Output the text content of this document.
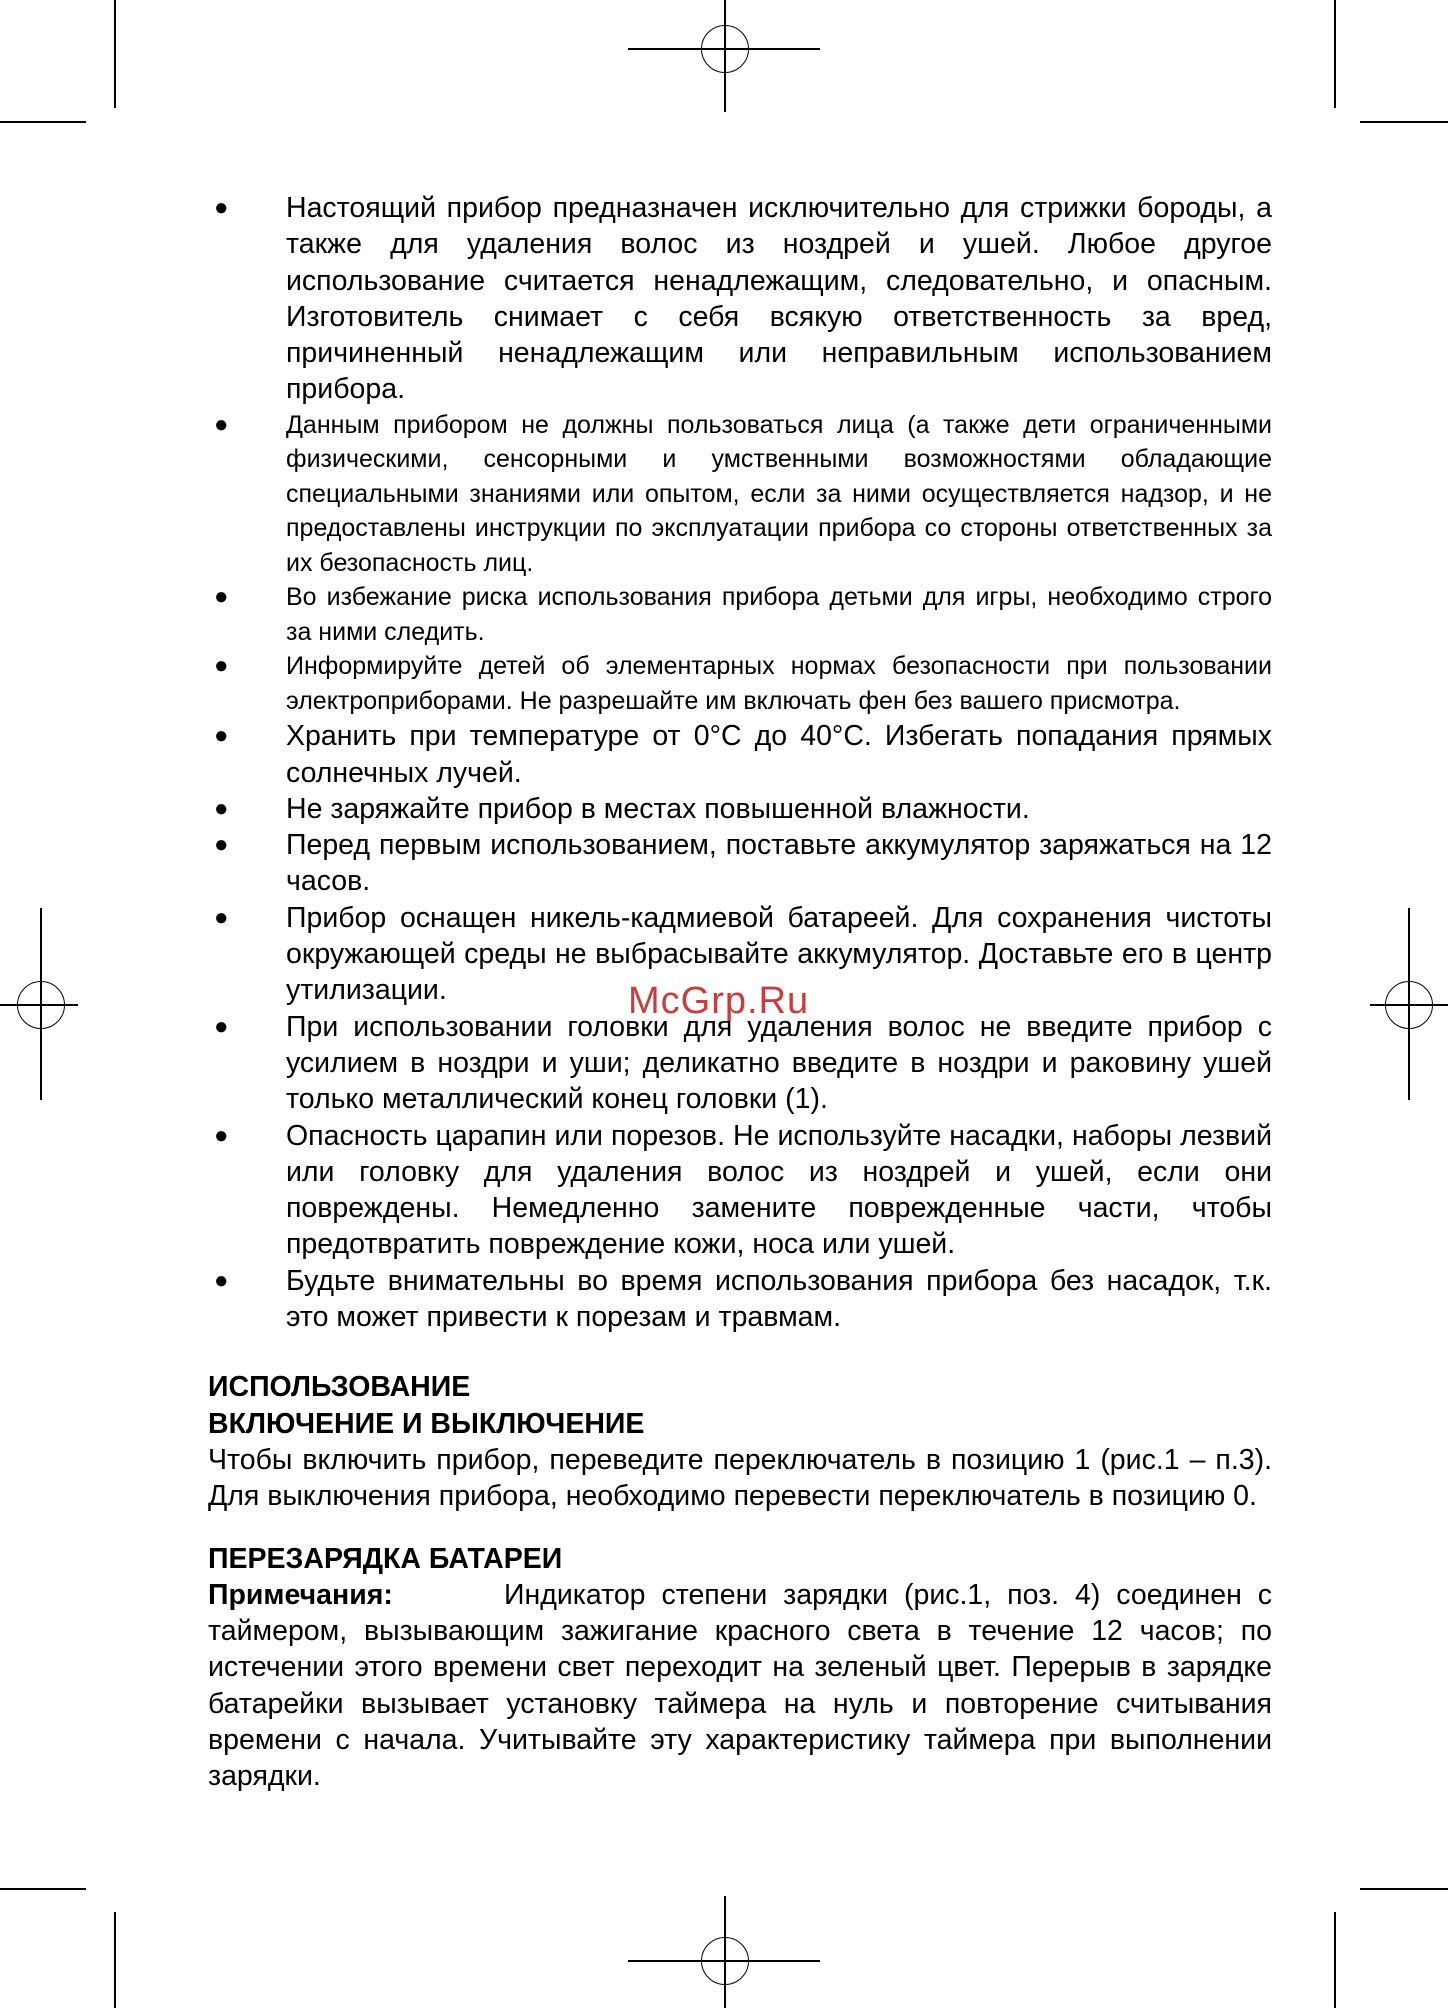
● Настоящий прибор предназначен исключительно для стрижки бороды, а также для удаления волос из ноздрей и ушей. Любое другое использование считается ненадлежащим, следовательно, и опасным. Изготовитель снимает с себя всякую ответственность за вред, причиненный ненадлежащим или неправильным использованием прибора.
● Данным прибором не должны пользоваться лица (а также дети ограниченными физическими, сенсорными и умственными возможностями обладающие специальными знаниями или опытом, если за ними осуществляется надзор, и не предоставлены инструкции по эксплуатации прибора со стороны ответственных за их безопасность лиц.
● Во избежание риска использования прибора детьми для игры, необходимо строго за ними следить.
● Информируйте детей об элементарных нормах безопасности при пользовании электроприборами. Не разрешайте им включать фен без вашего присмотра.
● Хранить при температуре от 0°С до 40°С. Избегать попадания прямых солнечных лучей.
● Не заряжайте прибор в местах повышенной влажности.
● Перед первым использованием, поставьте аккумулятор заряжаться на 12 часов.
● Прибор оснащен никель-кадмиевой батареей. Для сохранения чистоты окружающей среды не выбрасывайте аккумулятор. Доставьте его в центр утилизации.
● При использовании головки для удаления волос не введите прибор с усилием в ноздри и уши; деликатно введите в ноздри и раковину ушей только металлический конец головки (1).
● Опасность царапин или порезов. Не используйте насадки, наборы лезвий или головку для удаления волос из ноздрей и ушей, если они повреждены. Немедленно замените поврежденные части, чтобы предотвратить повреждение кожи, носа или ушей.
● Будьте внимательны во время использования прибора без насадок, т.к. это может привести к порезам и травмам.

ИСПОЛЬЗОВАНИЕ

ВКЛЮЧЕНИЕ И ВЫКЛЮЧЕНИЕ

Чтобы включить прибор, переведите переключатель в позицию 1 (рис.1 – п.3). Для выключения прибора, необходимо перевести переключатель в позицию 0.

ПЕРЕЗАРЯДКА БАТАРЕИ

Примечания:	Индикатор степени зарядки (рис.1, поз. 4) соединен с таймером, вызывающим зажигание красного света в течение 12 часов; по истечении этого времени свет переходит на зеленый цвет. Перерыв в зарядке батарейки вызывает установку таймера на нуль и повторение считывания времени с начала. Учитывайте эту характеристику таймера при выполнении зарядки.

McGrp.Ru
